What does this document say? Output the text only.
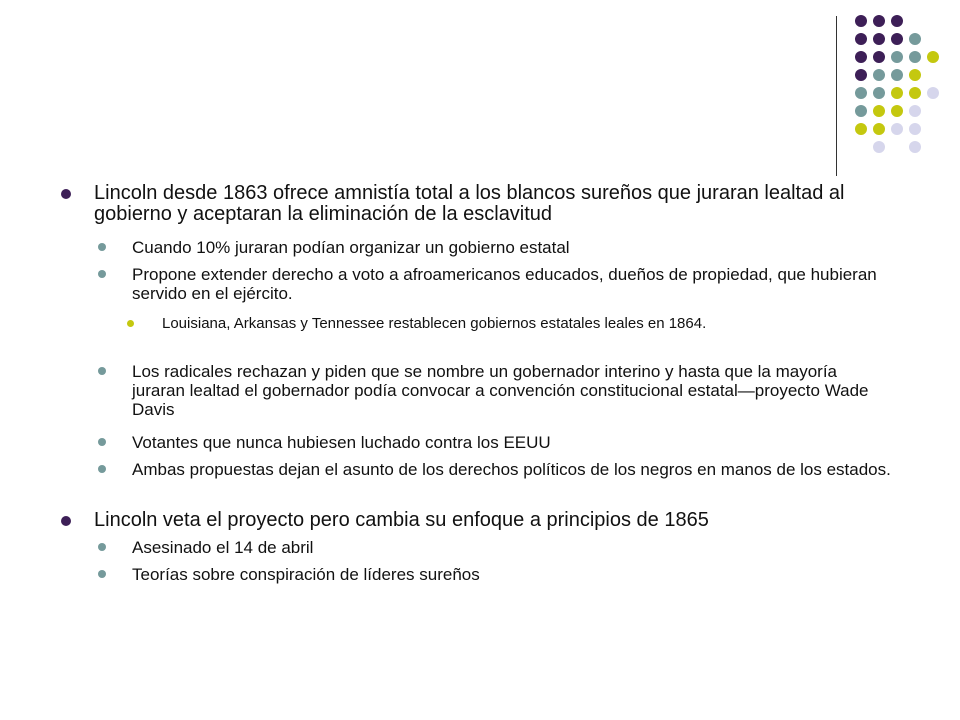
Lincoln desde 1863 ofrece amnistía total a los blancos sureños que juraran lealtad al gobierno y aceptaran la eliminación de la esclavitud
Cuando 10% juraran podían organizar un gobierno estatal
Propone extender derecho a voto a afroamericanos educados, dueños de propiedad, que hubieran servido en el ejército.
Louisiana, Arkansas y Tennessee restablecen gobiernos estatales leales en 1864.
Los radicales rechazan y piden que se nombre un gobernador interino y hasta que la mayoría juraran lealtad el gobernador podía convocar a convención constitucional estatal—proyecto Wade Davis
Votantes que nunca hubiesen luchado contra los EEUU
Ambas propuestas dejan el asunto de los derechos políticos de los negros en manos de los estados.
Lincoln veta el proyecto pero cambia su enfoque a principios de 1865
Asesinado el 14 de abril
Teorías sobre conspiración de líderes sureños
